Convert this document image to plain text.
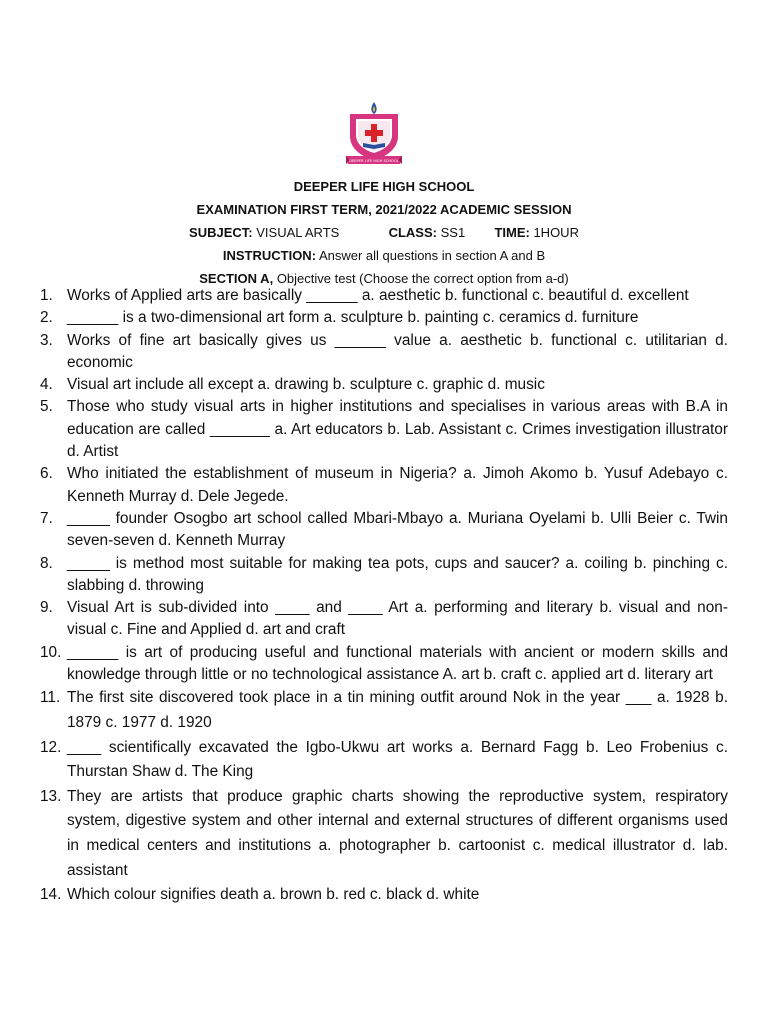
DEEPER LIFE HIGH SCHOOL
DEEPER LIFE HIGH SCHOOL
EXAMINATION FIRST TERM, 2021/2022 ACADEMIC SESSION
SUBJECT: VISUAL ARTS	CLASS: SS1 TIME: 1HOUR
INSTRUCTION: Answer all questions in section A and B
SECTION A, Objective test (Choose the correct option from a-d)
1. Works of Applied arts are basically ______ a. aesthetic b. functional c. beautiful d. excellent
2. ______ is a two-dimensional art form a. sculpture b. painting c. ceramics d. furniture
3. Works of fine art basically gives us ______ value a. aesthetic b. functional c. utilitarian d. economic
4. Visual art include all except a. drawing b. sculpture c. graphic d. music
5. Those who study visual arts in higher institutions and specialises in various areas with B.A in education are called _______ a. Art educators b. Lab. Assistant c. Crimes investigation illustrator d. Artist
6. Who initiated the establishment of museum in Nigeria? a. Jimoh Akomo b. Yusuf Adebayo c. Kenneth Murray d. Dele Jegede.
7. _____ founder Osogbo art school called Mbari-Mbayo a. Muriana Oyelami b. Ulli Beier c. Twin seven-seven d. Kenneth Murray
8. _____ is method most suitable for making tea pots, cups and saucer? a. coiling b. pinching c. slabbing d. throwing
9. Visual Art is sub-divided into ____ and ____ Art a. performing and literary b. visual and non-visual c. Fine and Applied d. art and craft
10. ______ is art of producing useful and functional materials with ancient or modern skills and knowledge through little or no technological assistance A. art b. craft c. applied art d. literary art
11. The first site discovered took place in a tin mining outfit around Nok in the year ___ a. 1928 b. 1879 c. 1977 d. 1920
12. ____ scientifically excavated the Igbo-Ukwu art works a. Bernard Fagg b. Leo Frobenius c. Thurstan Shaw d. The King
13. They are artists that produce graphic charts showing the reproductive system, respiratory system, digestive system and other internal and external structures of different organisms used in medical centers and institutions a. photographer b. cartoonist c. medical illustrator d. lab. assistant
14. Which colour signifies death a. brown b. red c. black d. white
